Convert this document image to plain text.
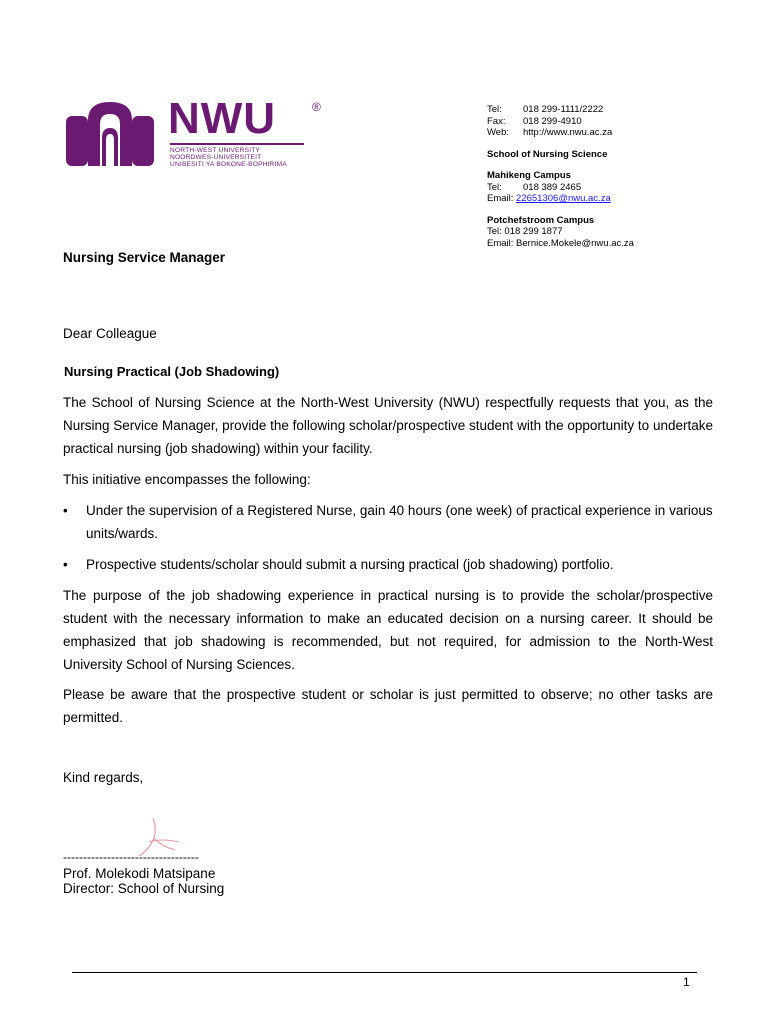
NWU	®
NORTH-WEST UNIVERSITY
NOORDWES-UNIVERSITEIT
UNIBESITI YA BOKONE-BOPHIRIMA
Tel: 018 299-1111/2222
Fax: 018 299-4910
Web: http://www.nwu.ac.za
School of Nursing Science
Mahikeng Campus
Tel: 018 389 2465
Email: 22651306@nwu.ac.za
Potchefstroom Campus
Tel: 018 299 1877
Email: Bernice.Mokele@nwu.ac.za
Nursing Service Manager
Dear Colleague
Nursing Practical (Job Shadowing)
The School of Nursing Science at the North-West University (NWU) respectfully requests that you, as the Nursing Service Manager, provide the following scholar/prospective student with the opportunity to undertake practical nursing (job shadowing) within your facility.
This initiative encompasses the following:
• Under the supervision of a Registered Nurse, gain 40 hours (one week) of practical experience in various units/wards.
• Prospective students/scholar should submit a nursing practical (job shadowing) portfolio.
The purpose of the job shadowing experience in practical nursing is to provide the scholar/prospective student with the necessary information to make an educated decision on a nursing career. It should be emphasized that job shadowing is recommended, but not required, for admission to the North-West University School of Nursing Sciences.
Please be aware that the prospective student or scholar is just permitted to observe; no other tasks are permitted.
Kind regards,
----------------------------------
Prof. Molekodi Matsipane
Director: School of Nursing
1
